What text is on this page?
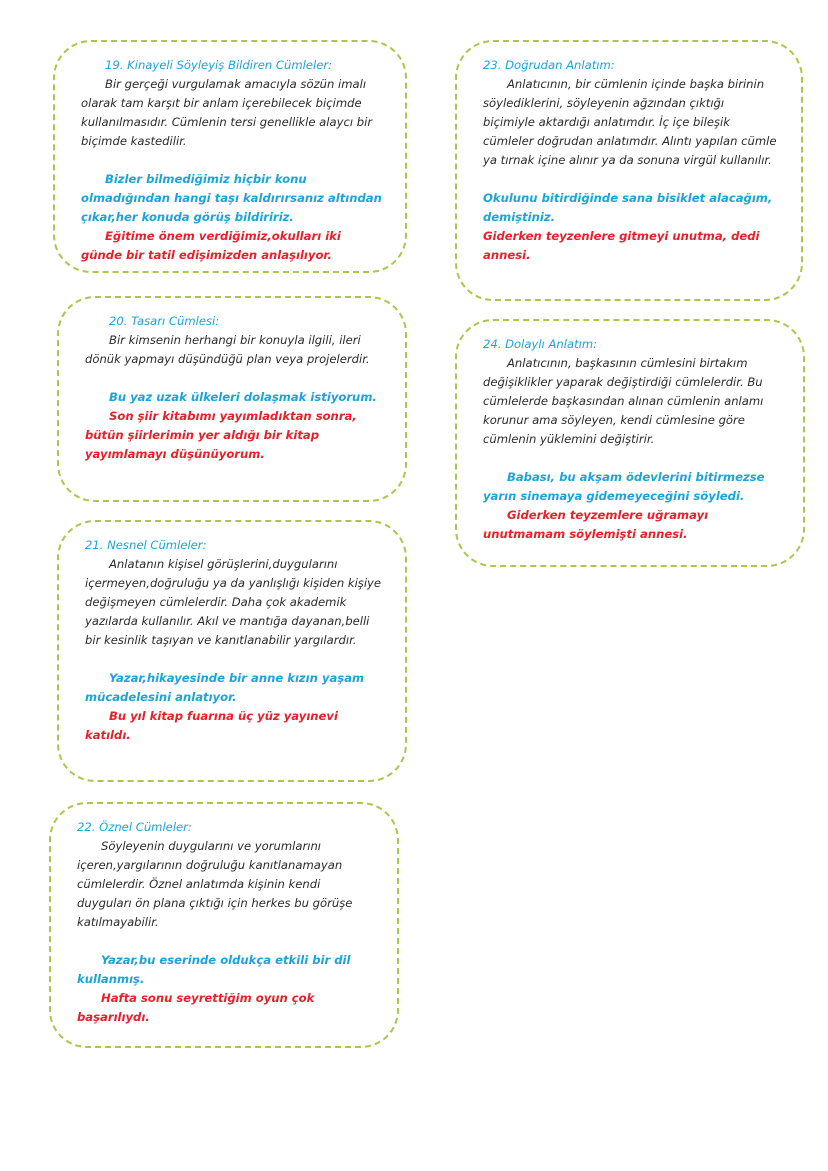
19. Kinayeli Söyleyiş Bildiren Cümleler:

Bir gerçeği vurgulamak amacıyla sözün imalı olarak tam karşıt bir anlam içerebilecek biçimde kullanılmasıdır. Cümlenin tersi genellikle alaycı bir biçimde kastedilir.

Bizler bilmediğimiz hiçbir konu olmadığından hangi taşı kaldırırsanız altından çıkar,her konuda görüş bildiririz.
Eğitime önem verdiğimiz,okulları iki günde bir tatil edişimizden anlaşılıyor.
20. Tasarı Cümlesi:

Bir kimsenin herhangi bir konuyla ilgili, ileri dönük yapmayı düşündüğü plan veya projelerdir.

Bu yaz uzak ülkeleri dolaşmak istiyorum.
Son şiir kitabımı yayımladıktan sonra, bütün şiirlerimin yer aldığı bir kitap yayımlamayı düşünüyorum.
21. Nesnel Cümleler:

Anlatanın kişisel görüşlerini,duygularını içermeyen,doğruluğu ya da yanlışlığı kişiden kişiye değişmeyen cümlelerdir. Daha çok akademik yazılarda kullanılır. Akıl ve mantığa dayanan,belli bir kesinlik taşıyan ve kanıtlanabilir yargılardır.

Yazar,hikayesinde bir anne kızın yaşam mücadelesini anlatıyor.
Bu yıl kitap fuarına üç yüz yayınevi katıldı.
22. Öznel Cümleler:

Söyleyenin duygularını ve yorumlarını içeren,yargılarının doğruluğu kanıtlanamayan cümlelerdir. Öznel anlatımda kişinin kendi duyguları ön plana çıktığı için herkes bu görüşe katılmayabilir.

Yazar,bu eserinde oldukça etkili bir dil kullanmış.
Hafta sonu seyrettiğim oyun çok başarılıydı.
23. Doğrudan Anlatım:

Anlatıcının, bir cümlenin içinde başka birinin söylediklerini, söyleyenin ağzından çıktığı biçimiyle aktardığı anlatımdır. İç içe bileşik cümleler doğrudan anlatımdır. Alıntı yapılan cümle ya tırnak içine alınır ya da sonuna virgül kullanılır.

Okulunu bitirdiğinde sana bisiklet alacağım, demiştiniz.
Giderken teyzenlere gitmeyi unutma, dedi annesi.
24. Dolaylı Anlatım:

Anlatıcının, başkasının cümlesini birtakım değişiklikler yaparak değiştirdiği cümlelerdir. Bu cümlelerde başkasından alınan cümlenin anlamı korunur ama söyleyen, kendi cümlesine göre cümlenin yüklemini değiştirir.

Babası, bu akşam ödevlerini bitirmezse yarın sinemaya gidemeyeceğini söyledi.
Giderken teyzemlere uğramayı unutmamam söylemişti annesi.
